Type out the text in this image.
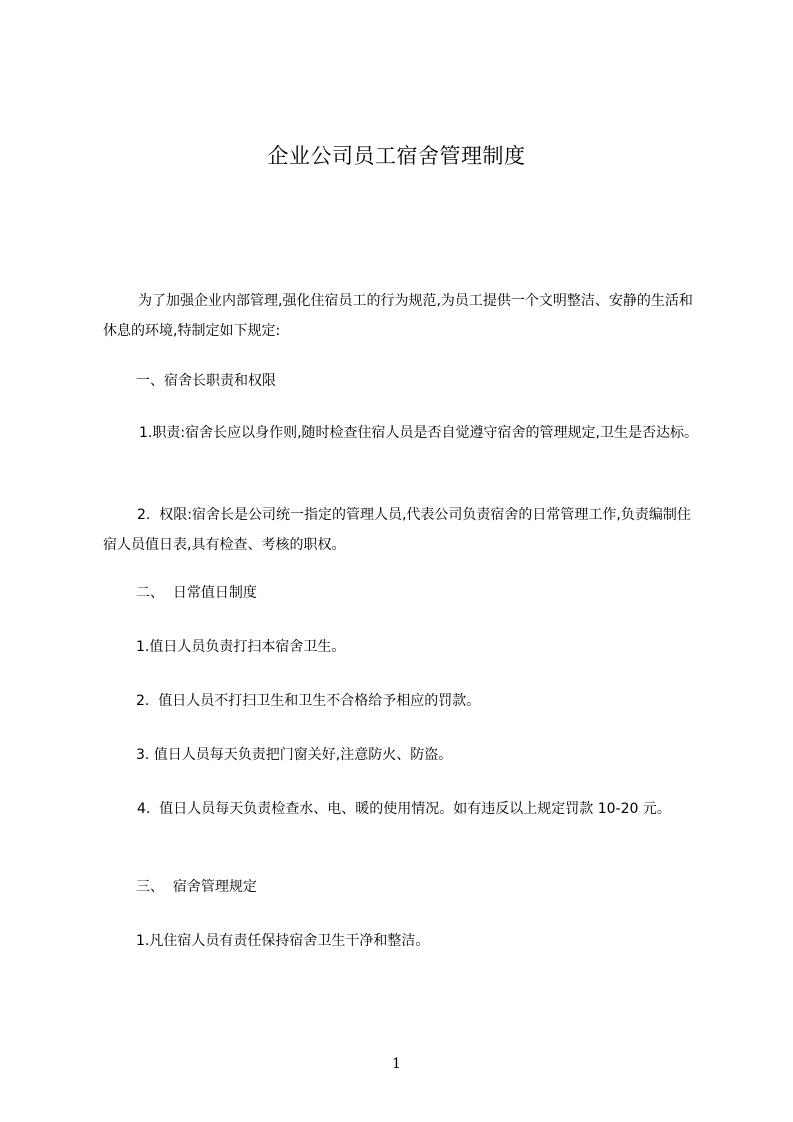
企业公司员工宿舍管理制度
为了加强企业内部管理,强化住宿员工的行为规范,为员工提供一个文明整洁、安静的生活和休息的环境,特制定如下规定:
一、宿舍长职责和权限
1.职责:宿舍长应以身作则,随时检查住宿人员是否自觉遵守宿舍的管理规定,卫生是否达标。
2.  权限:宿舍长是公司统一指定的管理人员,代表公司负责宿舍的日常管理工作,负责编制住宿人员值日表,具有检查、考核的职权。
二、  日常值日制度
1.值日人员负责打扫本宿舍卫生。
2.  值日人员不打扫卫生和卫生不合格给予相应的罚款。
3. 值日人员每天负责把门窗关好,注意防火、防盗。
4.  值日人员每天负责检查水、电、暖的使用情况。如有违反以上规定罚款 10-20 元。
三、  宿舍管理规定
1.凡住宿人员有责任保持宿舍卫生干净和整洁。
1
